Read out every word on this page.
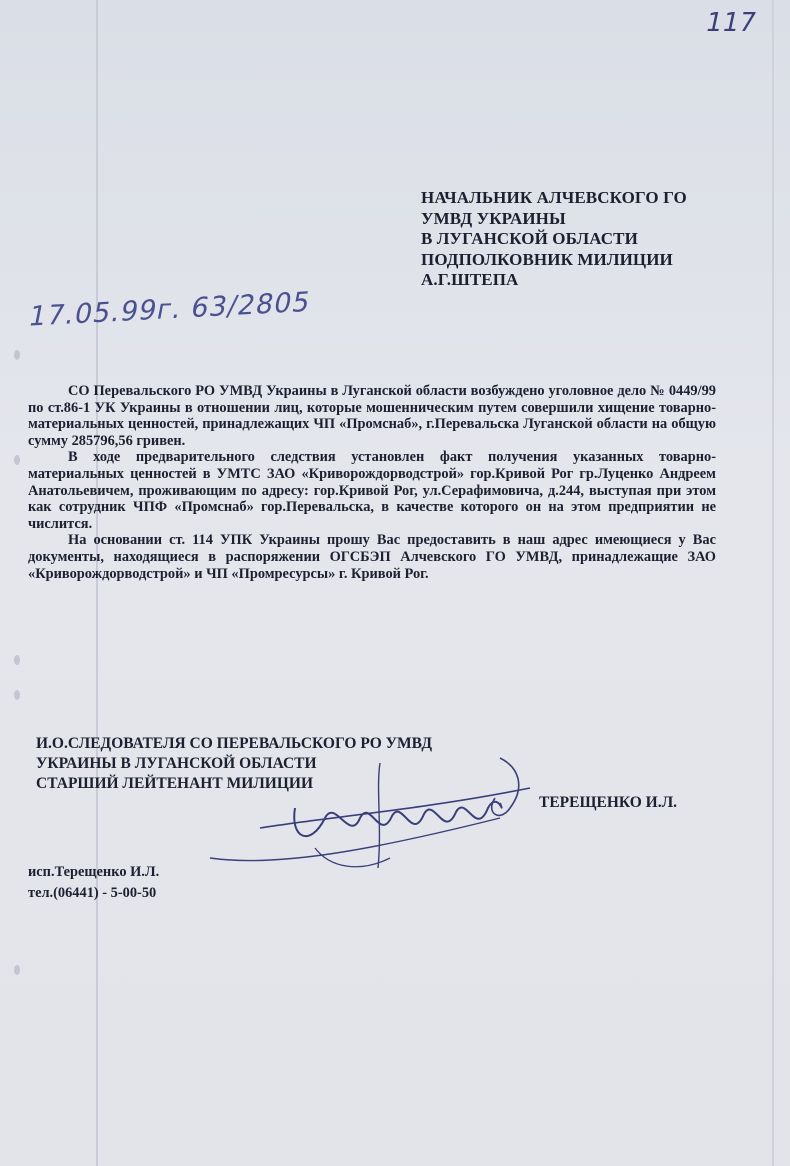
117
НАЧАЛЬНИК АЛЧЕВСКОГО ГО
УМВД УКРАИНЫ
В ЛУГАНСКОЙ ОБЛАСТИ
ПОДПОЛКОВНИК МИЛИЦИИ
А.Г.ШТЕПА
17.05.99г. 63/2805

СО Перевальского РО УМВД Украины в Луганской области возбуждено уголовное дело № 0449/99 по ст.86-1 УК Украины в отношении лиц, которые мошенническим путем совершили хищение товарно-материальных ценностей, принадлежащих ЧП «Промснаб», г.Перевальска Луганской области на общую сумму 285796,56 гривен.

В ходе предварительного следствия установлен факт получения указанных товарно-материальных ценностей в УМТС ЗАО «Криворождорводстрой» гор.Кривой Рог гр.Луценко Андреем Анатольевичем, проживающим по адресу: гор.Кривой Рог, ул.Серафимовича, д.244, выступая при этом как сотрудник ЧПФ «Промснаб» гор.Перевальска, в качестве которого он на этом предприятии не числится.

На основании ст. 114 УПК Украины прошу Вас предоставить в наш адрес имеющиеся у Вас документы, находящиеся в распоряжении ОГСБЭП Алчевского ГО УМВД, принадлежащие ЗАО «Криворождорводстрой» и ЧП «Промресурсы» г. Кривой Рог.

И.О.СЛЕДОВАТЕЛЯ СО ПЕРЕВАЛЬСКОГО РО УМВД
УКРАИНЫ В ЛУГАНСКОЙ ОБЛАСТИ
СТАРШИЙ ЛЕЙТЕНАНТ МИЛИЦИИ
ТЕРЕЩЕНКО И.Л.
исп.Терещенко И.Л.
тел.(06441) - 5-00-50
